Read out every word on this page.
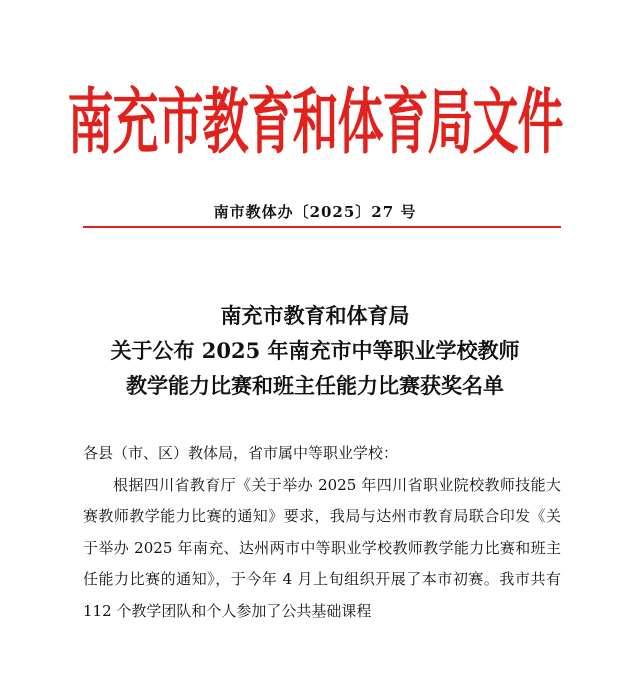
南充市教育和体育局文件
南市教体办〔2025〕27 号
南充市教育和体育局
关于公布 2025 年南充市中等职业学校教师
教学能力比赛和班主任能力比赛获奖名单
各县（市、区）教体局，省市属中等职业学校：

根据四川省教育厅《关于举办 2025 年四川省职业院校教师技能大赛教师教学能力比赛的通知》要求，我局与达州市教育局联合印发《关于举办 2025 年南充、达州两市中等职业学校教师教学能力比赛和班主任能力比赛的通知》，于今年 4 月上旬组织开展了本市初赛。我市共有 112 个教学团队和个人参加了公共基础课程
